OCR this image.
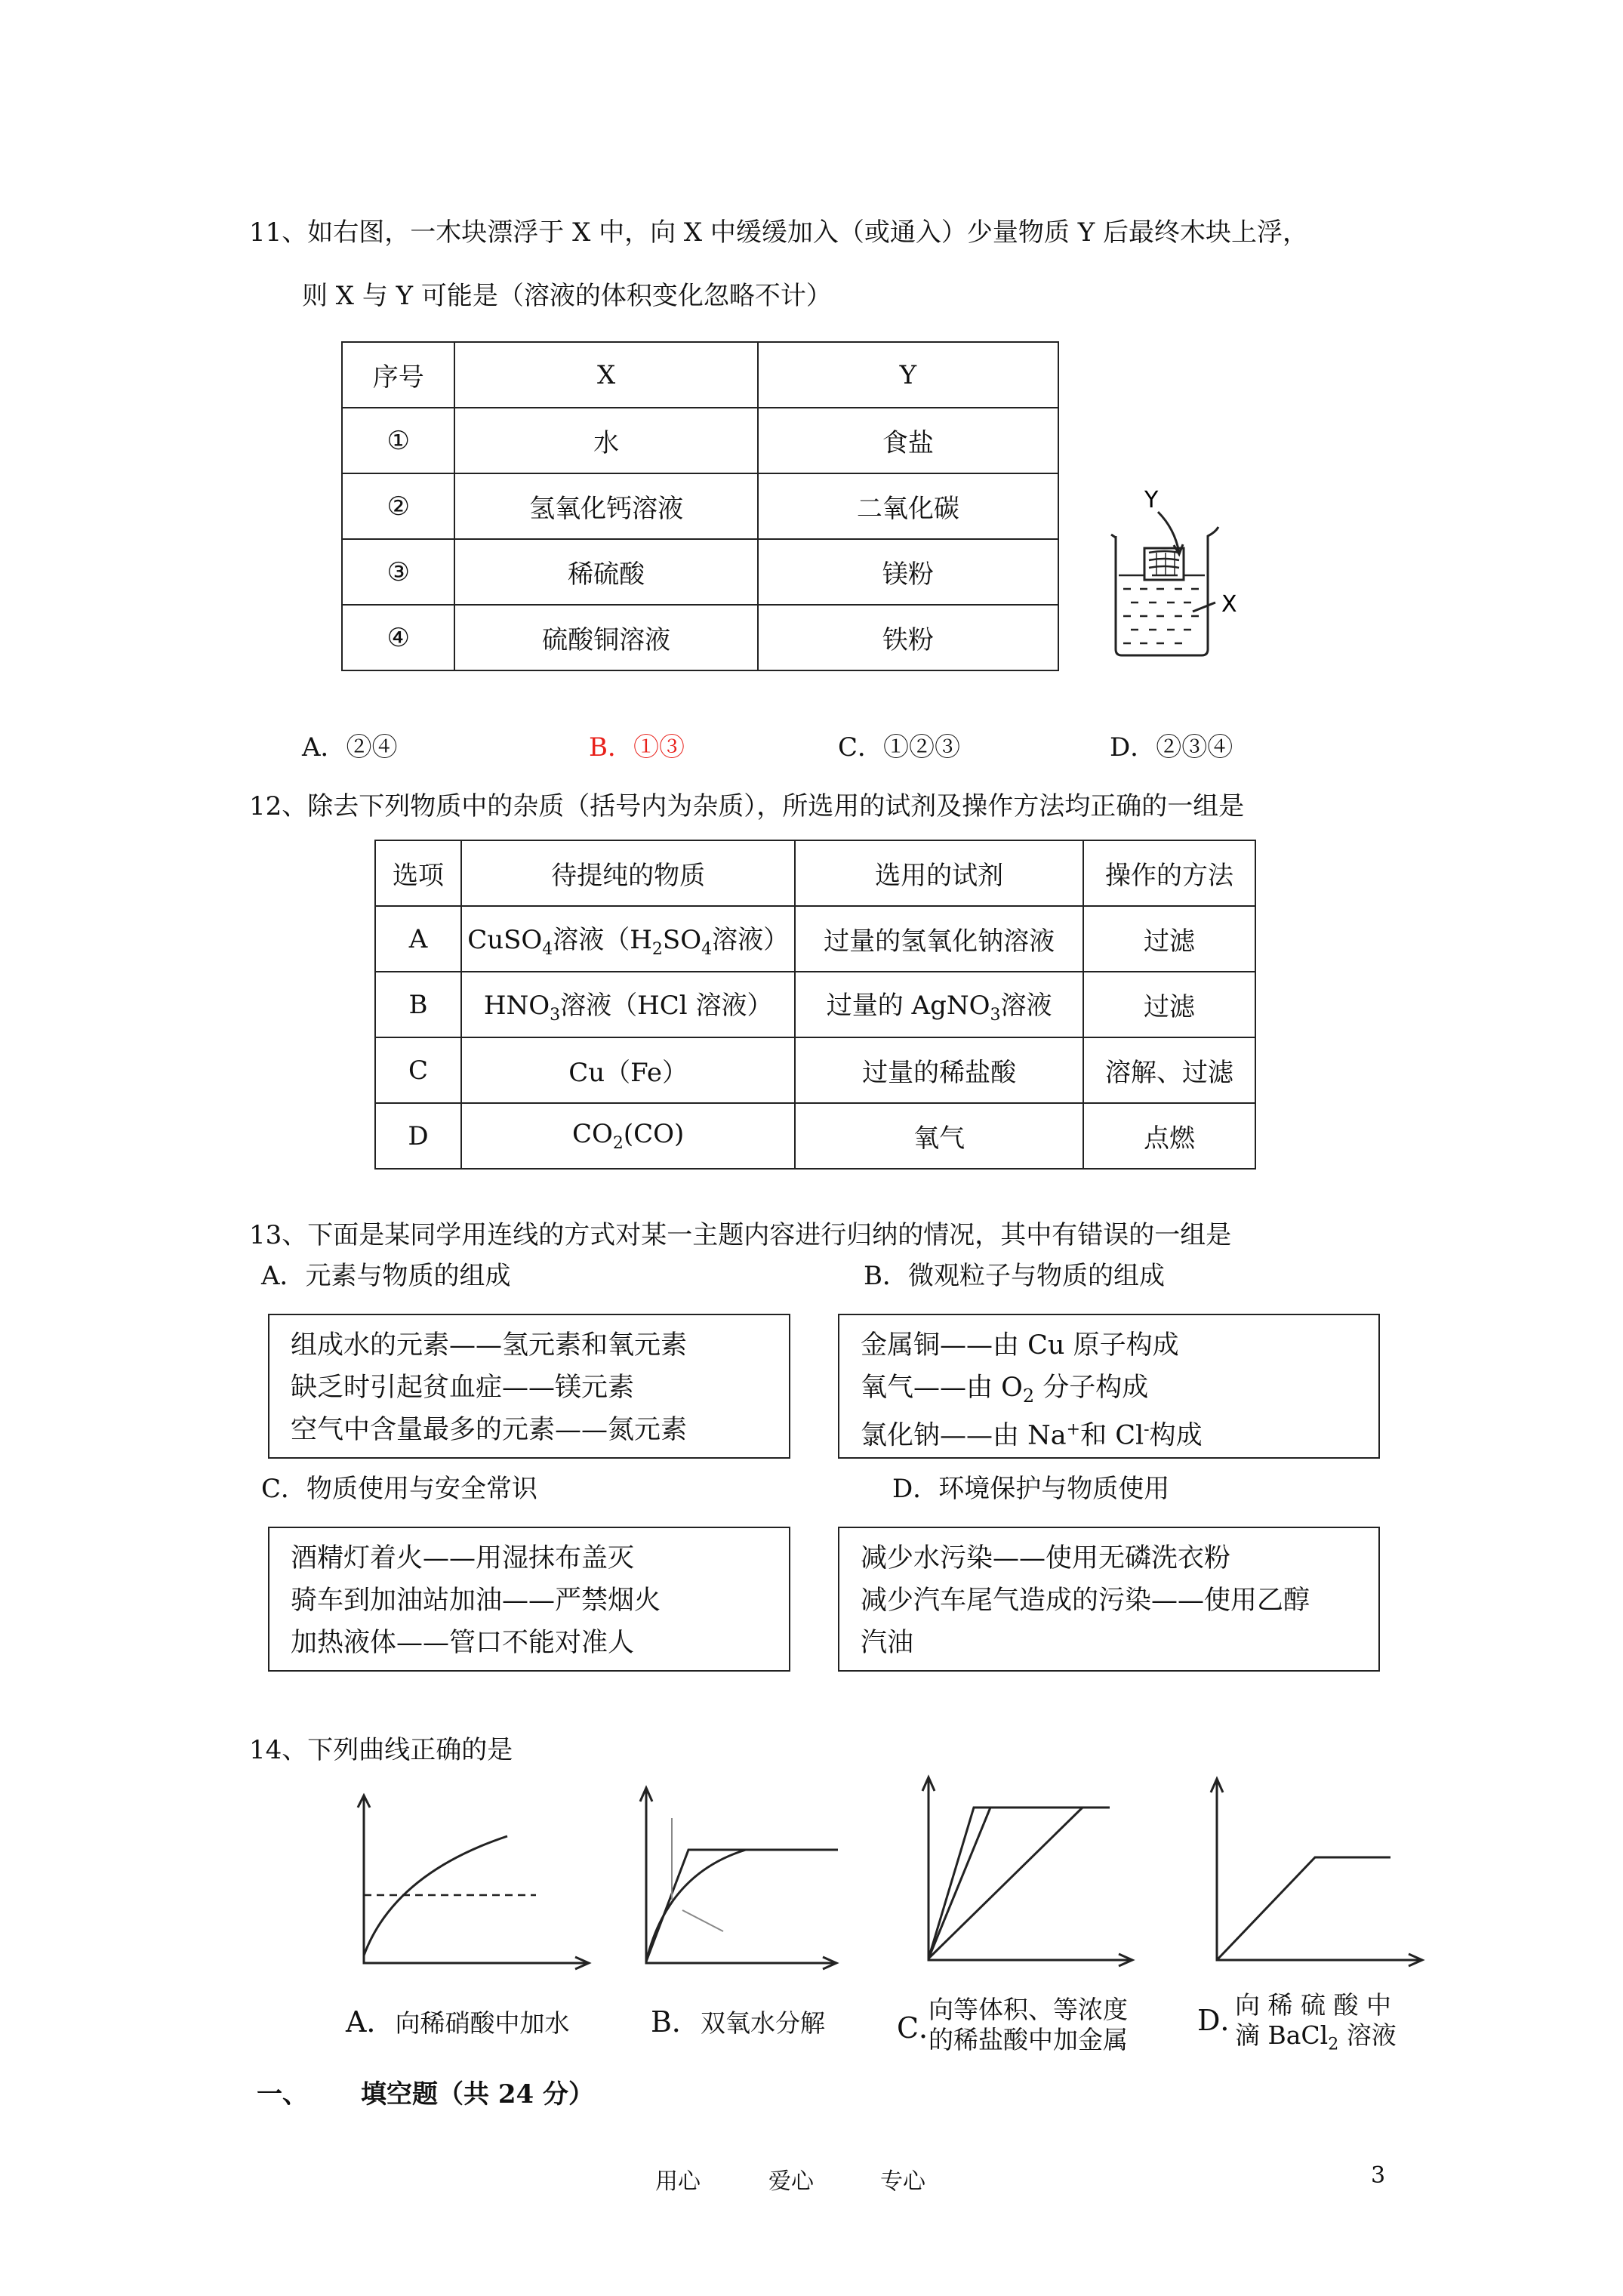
11、如右图，一木块漂浮于 X 中，向 X 中缓缓加入（或通入）少量物质 Y 后最终木块上浮，
则 X 与 Y 可能是（溶液的体积变化忽略不计）
序号	X	Y
①	水	食盐
②	氢氧化钙溶液	二氧化碳
③	稀硫酸	镁粉
④	硫酸铜溶液	铁粉
Y
X
A．②④	B．①③	C．①②③	D．②③④
12、除去下列物质中的杂质（括号内为杂质），所选用的试剂及操作方法均正确的一组是
选项	待提纯的物质	选用的试剂	操作的方法
A	CuSO$_4$溶液（$H_2SO_4$溶液）	过量的氢氧化钠溶液	过滤
B	$HNO_3$溶液（HCl 溶液）	过量的 AgNO$_3$溶液	过滤
C	Cu（Fe）	过量的稀盐酸	溶解、过滤
D	$CO_2(CO)$	氧气	点燃
13、下面是某同学用连线的方式对某一主题内容进行归纳的情况，其中有错误的一组是
A．元素与物质的组成	B．微观粒子与物质的组成
组成水的元素——氢元素和氧元素
缺乏时引起贫血症——镁元素
空气中含量最多的元素——氮元素
金属铜——由 Cu 原子构成
氧气——由 $O_2$ 分子构成
氯化钠——由 Na+和 Cl-构成
C．物质使用与安全常识	D．环境保护与物质使用
酒精灯着火——用湿抹布盖灭
骑车到加油站加油——严禁烟火
加热液体——管口不能对准人
减少水污染——使用无磷洗衣粉
减少汽车尾气造成的污染——使用乙醇
汽油
14、下列曲线正确的是
A．向稀硝酸中加水	B．双氧水分解	C．
向等体积、等浓度
的稀盐酸中加金属
D．
向 稀 硫 酸 中
滴 BaCl$_2$ 溶液
一、 填空题（共 24 分）
用心	爱心	专心	3
